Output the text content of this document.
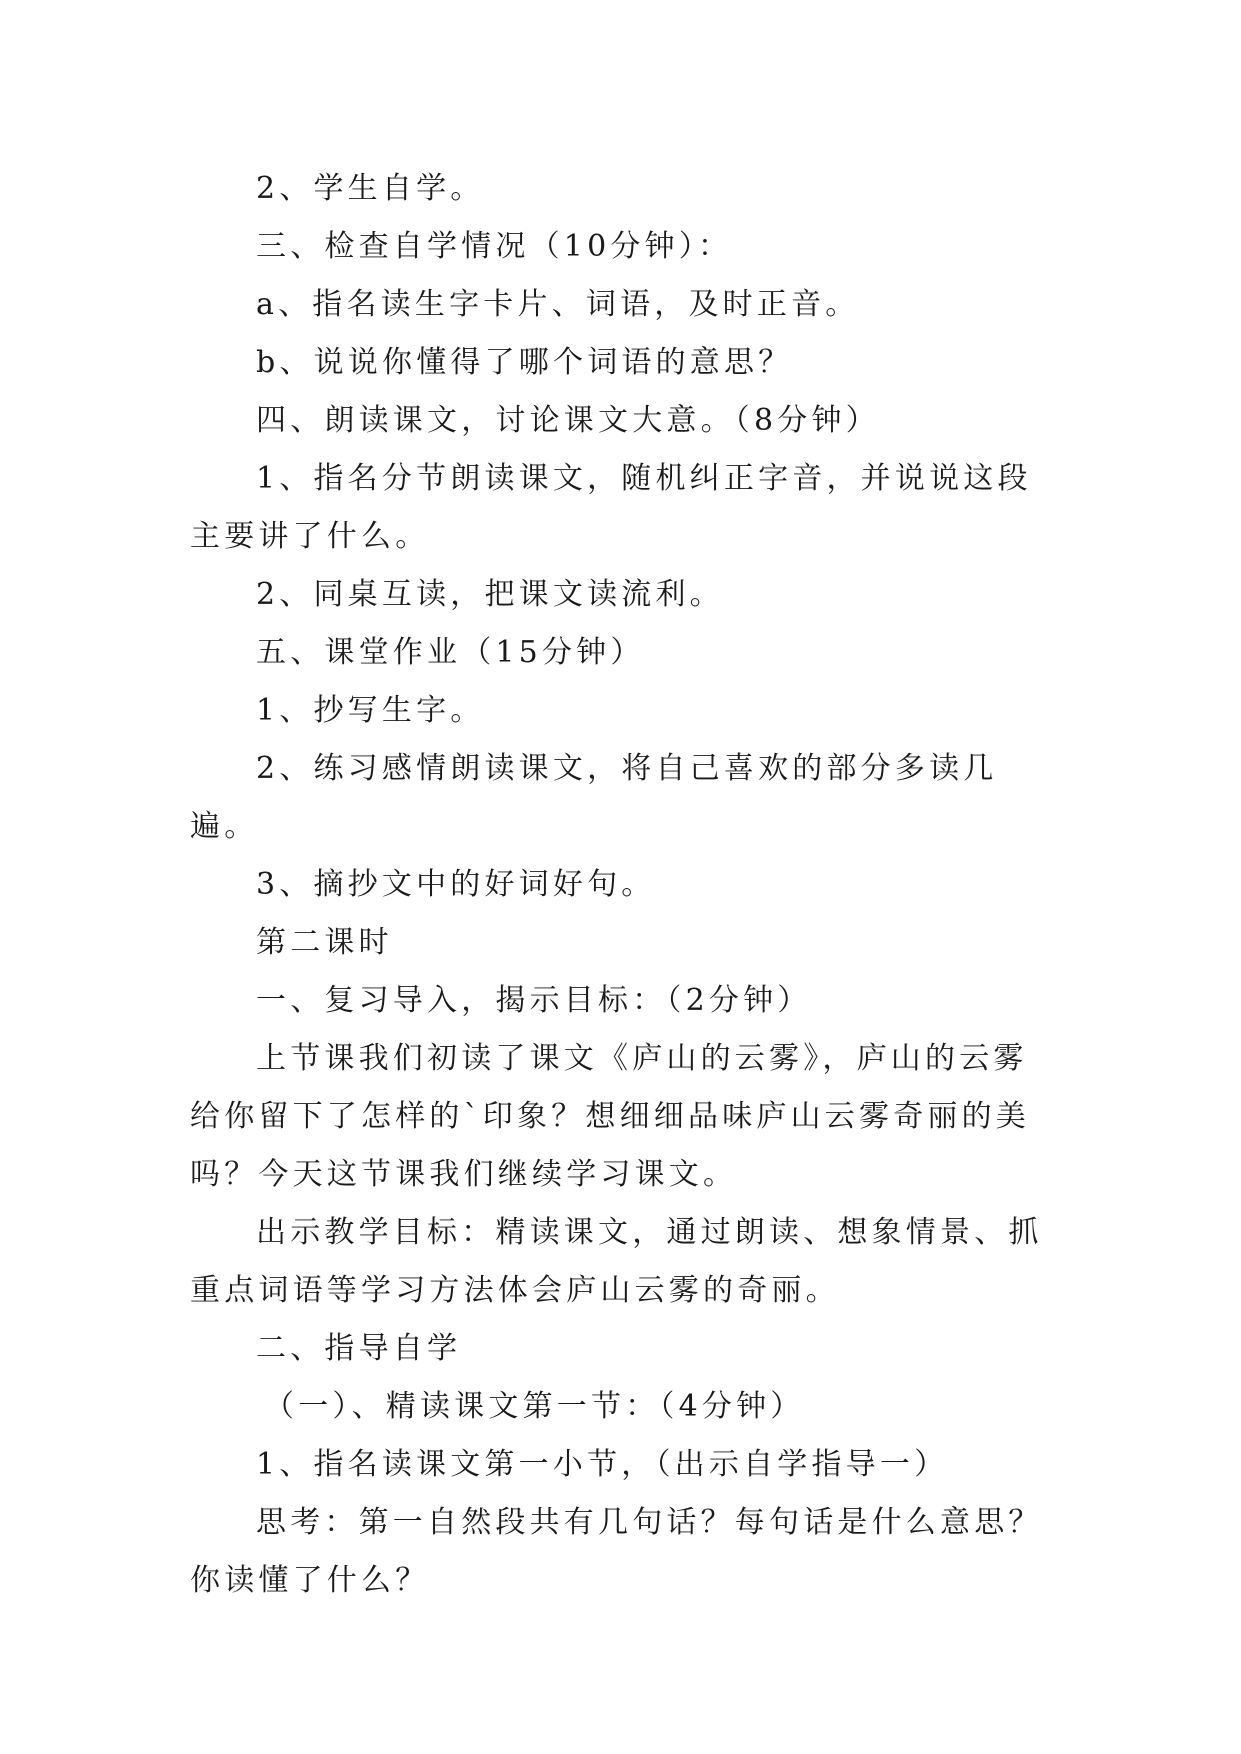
2、学生自学。

三、检查自学情况（10分钟）：

a、指名读生字卡片、词语，及时正音。

b、说说你懂得了哪个词语的意思？

四、朗读课文，讨论课文大意。（8分钟）

1、指名分节朗读课文，随机纠正字音，并说说这段主要讲了什么。

2、同桌互读，把课文读流利。

五、课堂作业（15分钟）

1、抄写生字。

2、练习感情朗读课文，将自己喜欢的部分多读几遍。

3、摘抄文中的好词好句。

第二课时

一、复习导入，揭示目标：（2分钟）

上节课我们初读了课文《庐山的云雾》，庐山的云雾给你留下了怎样的`印象？想细细品味庐山云雾奇丽的美吗？今天这节课我们继续学习课文。

出示教学目标：精读课文，通过朗读、想象情景、抓重点词语等学习方法体会庐山云雾的奇丽。

二、指导自学

（一）、精读课文第一节：（4分钟）

1、指名读课文第一小节，（出示自学指导一）

思考：第一自然段共有几句话？每句话是什么意思？你读懂了什么？
